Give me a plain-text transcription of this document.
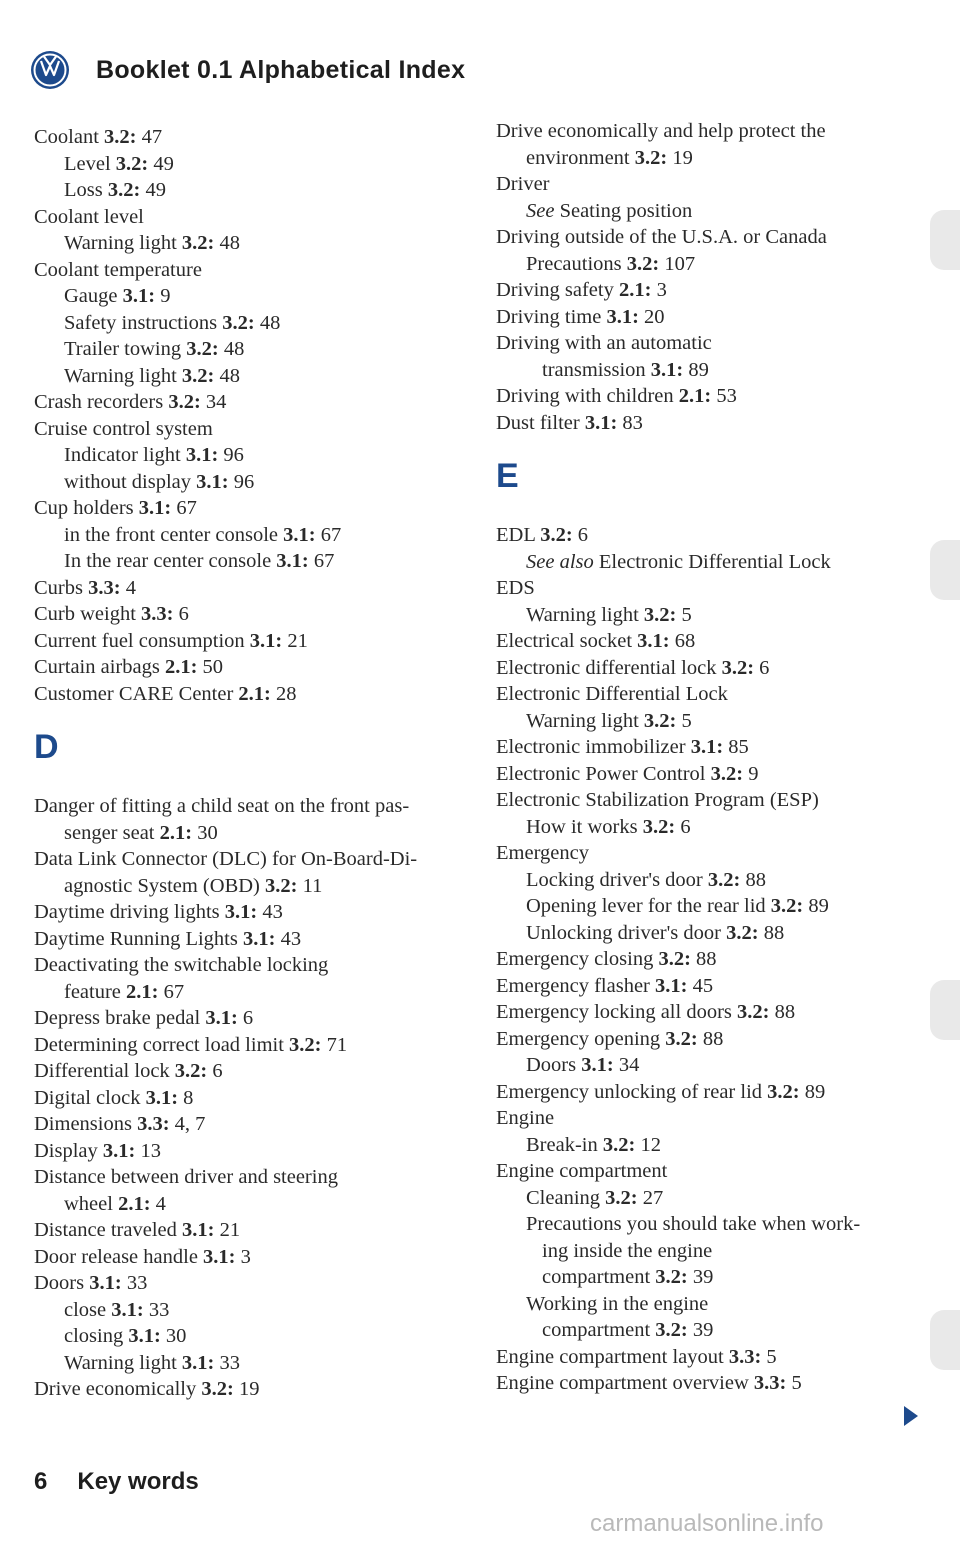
Booklet 0.1 Alphabetical Index
Coolant 3.2: 47
Level 3.2: 49
Loss 3.2: 49
Coolant level
Warning light 3.2: 48
Coolant temperature
Gauge 3.1: 9
Safety instructions 3.2: 48
Trailer towing 3.2: 48
Warning light 3.2: 48
Crash recorders 3.2: 34
Cruise control system
Indicator light 3.1: 96
without display 3.1: 96
Cup holders 3.1: 67
in the front center console 3.1: 67
In the rear center console 3.1: 67
Curbs 3.3: 4
Curb weight 3.3: 6
Current fuel consumption 3.1: 21
Curtain airbags 2.1: 50
Customer CARE Center 2.1: 28
D
Danger of fitting a child seat on the front pas-
senger seat 2.1: 30
Data Link Connector (DLC) for On-Board-Di-
agnostic System (OBD) 3.2: 11
Daytime driving lights 3.1: 43
Daytime Running Lights 3.1: 43
Deactivating the switchable locking
feature 2.1: 67
Depress brake pedal 3.1: 6
Determining correct load limit 3.2: 71
Differential lock 3.2: 6
Digital clock 3.1: 8
Dimensions 3.3: 4, 7
Display 3.1: 13
Distance between driver and steering
wheel 2.1: 4
Distance traveled 3.1: 21
Door release handle 3.1: 3
Doors 3.1: 33
close 3.1: 33
closing 3.1: 30
Warning light 3.1: 33
Drive economically 3.2: 19
Drive economically and help protect the
environment 3.2: 19
Driver
See Seating position
Driving outside of the U.S.A. or Canada
Precautions 3.2: 107
Driving safety 2.1: 3
Driving time 3.1: 20
Driving with an automatic
transmission 3.1: 89
Driving with children 2.1: 53
Dust filter 3.1: 83
E
EDL 3.2: 6
See also Electronic Differential Lock
EDS
Warning light 3.2: 5
Electrical socket 3.1: 68
Electronic differential lock 3.2: 6
Electronic Differential Lock
Warning light 3.2: 5
Electronic immobilizer 3.1: 85
Electronic Power Control 3.2: 9
Electronic Stabilization Program (ESP)
How it works 3.2: 6
Emergency
Locking driver's door 3.2: 88
Opening lever for the rear lid 3.2: 89
Unlocking driver's door 3.2: 88
Emergency closing 3.2: 88
Emergency flasher 3.1: 45
Emergency locking all doors 3.2: 88
Emergency opening 3.2: 88
Doors 3.1: 34
Emergency unlocking of rear lid 3.2: 89
Engine
Break-in 3.2: 12
Engine compartment
Cleaning 3.2: 27
Precautions you should take when work-
ing inside the engine
compartment 3.2: 39
Working in the engine
compartment 3.2: 39
Engine compartment layout 3.3: 5
Engine compartment overview 3.3: 5
6 Key words
carmanualsonline.info
